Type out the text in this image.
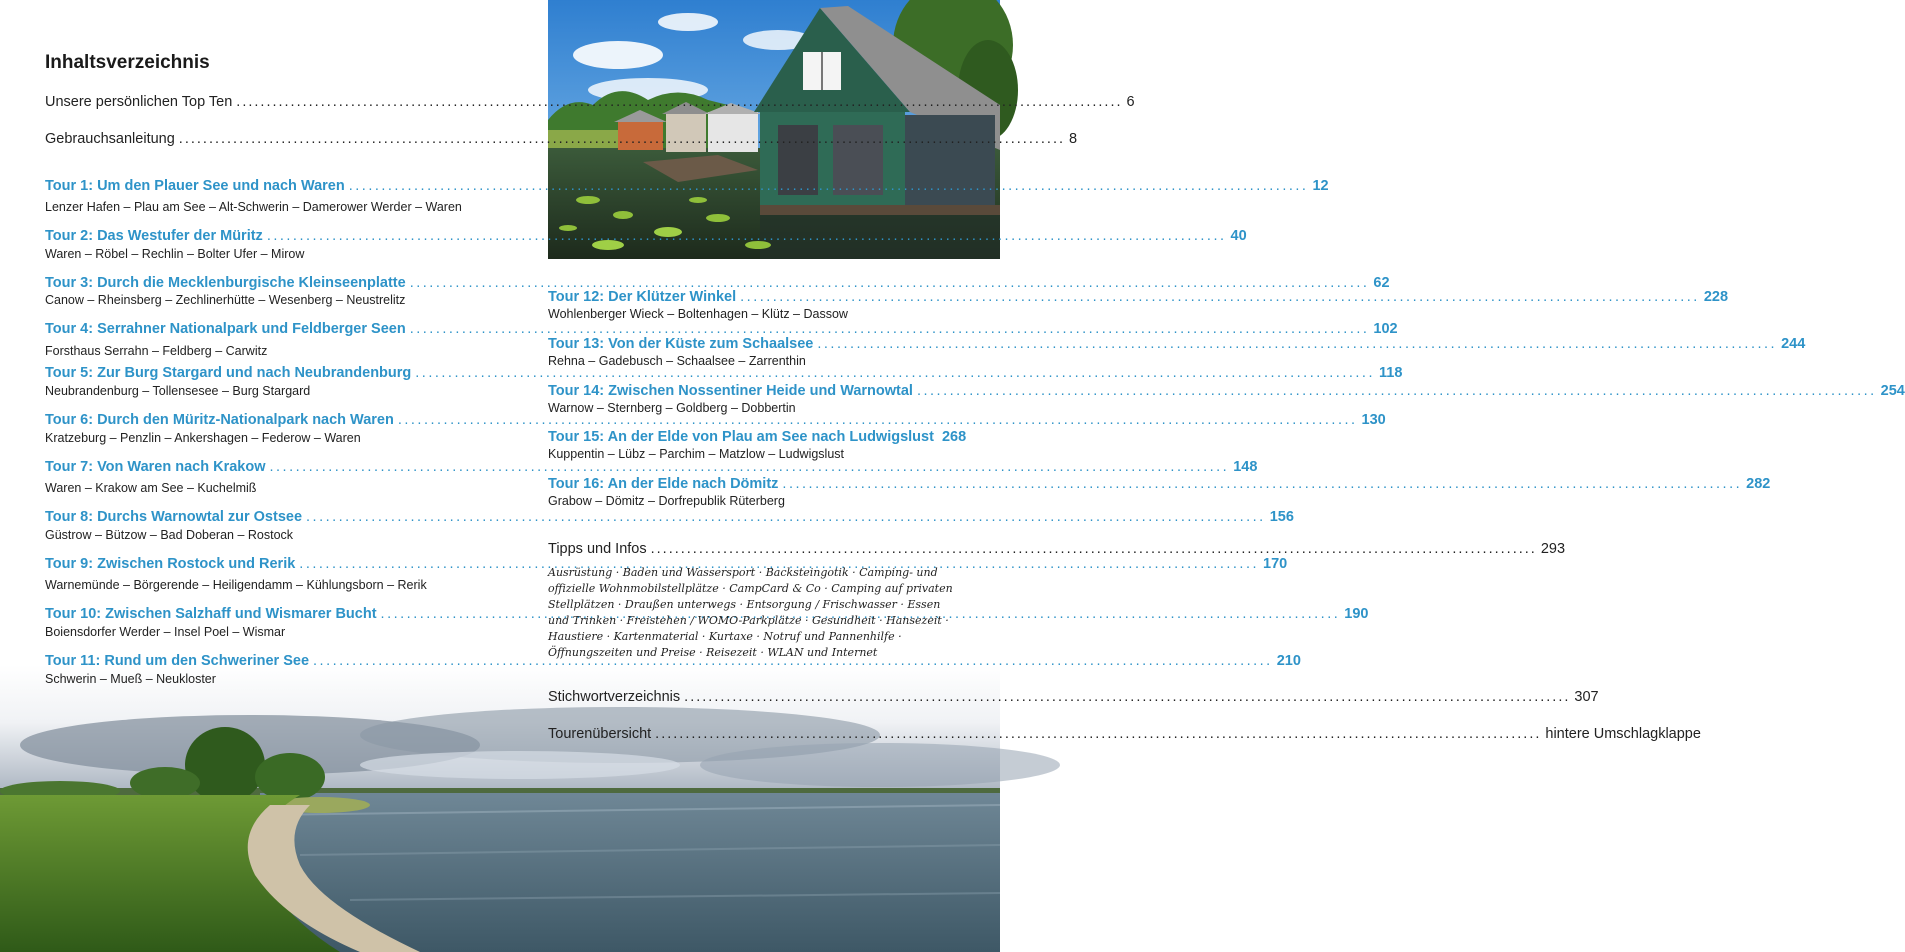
Inhaltsverzeichnis
Unsere persönlichen Top Ten .....	6
Gebrauchsanleitung .....	8
Tour 1: Um den Plauer See und nach Waren .....	12
Lenzer Hafen – Plau am See – Alt-Schwerin – Damerower Werder – Waren
Tour 2: Das Westufer der Müritz .....	40
Waren – Röbel – Rechlin – Bolter Ufer – Mirow
Tour 3: Durch die Mecklenburgische Kleinseenplatte .....	62
Canow – Rheinsberg – Zechlinerhütte – Wesenberg – Neustrelitz
Tour 4: Serrahner Nationalpark und Feldberger Seen .....	102
Forsthaus Serrahn – Feldberg – Carwitz
Tour 5: Zur Burg Stargard und nach Neubrandenburg .....	118
Neubrandenburg – Tollensesee – Burg Stargard
Tour 6: Durch den Müritz-Nationalpark nach Waren .....	130
Kratzeburg – Penzlin – Ankershagen – Federow – Waren
Tour 7: Von Waren nach Krakow .....	148
Waren – Krakow am See – Kuchelmiß
Tour 8: Durchs Warnowtal zur Ostsee .....	156
Güstrow – Bützow – Bad Doberan – Rostock
Tour 9: Zwischen Rostock und Rerik .....	170
Warnemünde – Börgerende – Heiligendamm – Kühlungsborn – Rerik
Tour 10: Zwischen Salzhaff und Wismarer Bucht .....	190
Boiensdorfer Werder – Insel Poel – Wismar
Tour 11: Rund um den Schweriner See .....	210
Schwerin – Mueß – Neukloster
Tour 12: Der Klützer Winkel .....	228
Wohlenberger Wieck – Boltenhagen – Klütz – Dassow
Tour 13: Von der Küste zum Schaalsee .....	244
Rehna – Gadebusch – Schaalsee – Zarrenthin
Tour 14: Zwischen Nossentiner Heide und Warnowtal .....	254
Warnow – Sternberg – Goldberg – Dobbertin
Tour 15: An der Elde von Plau am See nach Ludwigslust 268
Kuppentin – Lübz – Parchim – Matzlow – Ludwigslust
Tour 16: An der Elde nach Dömitz .....	282
Grabow – Dömitz – Dorfrepublik Rüterberg
Tipps und Infos .....	293
Ausrüstung · Baden und Wassersport · Backsteingotik · Camping- und offizielle Wohnmobilstellplätze · CampCard & Co · Camping auf privaten Stellplätzen · Draußen unterwegs · Entsorgung / Frischwasser · Essen und Trinken · Freistehen / WOMO-Parkplätze · Gesundheit · Hansezeit · Haustiere · Kartenmaterial · Kurtaxe · Notruf und Pannenhilfe · Öffnungszeiten und Preise · Reisezeit · WLAN und Internet
Stichwortverzeichnis .....	307
Tourenübersicht .....	hintere Umschlagklappe
